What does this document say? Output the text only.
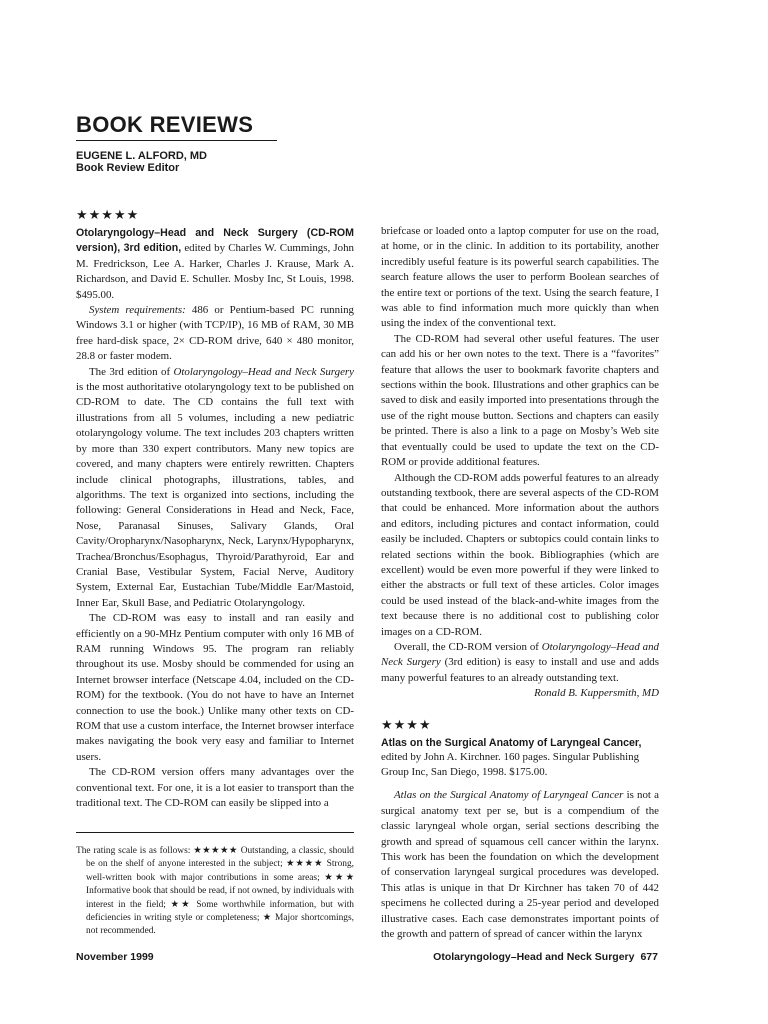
BOOK REVIEWS
EUGENE L. ALFORD, MD
Book Review Editor
★★★★★

Otolaryngology–Head and Neck Surgery (CD-ROM version), 3rd edition, edited by Charles W. Cummings, John M. Fredrickson, Lee A. Harker, Charles J. Krause, Mark A. Richardson, and David E. Schuller. Mosby Inc, St Louis, 1998. $495.00.

System requirements: 486 or Pentium-based PC running Windows 3.1 or higher (with TCP/IP), 16 MB of RAM, 30 MB free hard-disk space, 2× CD-ROM drive, 640 × 480 monitor, 28.8 or faster modem.

The 3rd edition of Otolaryngology–Head and Neck Surgery is the most authoritative otolaryngology text to be published on CD-ROM to date. The CD contains the full text with illustrations from all 5 volumes, including a new pediatric otolaryngology volume. The text includes 203 chapters written by more than 330 expert contributors. Many new topics are covered, and many chapters were entirely rewritten. Chapters include clinical photographs, illustrations, tables, and algorithms. The text is organized into sections, including the following: General Considerations in Head and Neck, Face, Nose, Paranasal Sinuses, Salivary Glands, Oral Cavity/Oropharynx/Nasopharynx, Neck, Larynx/Hypopharynx, Trachea/Bronchus/Esophagus, Thyroid/Parathyroid, Ear and Cranial Base, Vestibular System, Facial Nerve, Auditory System, External Ear, Eustachian Tube/Middle Ear/Mastoid, Inner Ear, Skull Base, and Pediatric Otolaryngology.

The CD-ROM was easy to install and ran easily and efficiently on a 90-MHz Pentium computer with only 16 MB of RAM running Windows 95. The program ran reliably throughout its use. Mosby should be commended for using an Internet browser interface (Netscape 4.04, included on the CD-ROM) for the textbook. (You do not have to have an Internet connection to use the book.) Unlike many other texts on CD-ROM that use a custom interface, the Internet browser interface makes navigating the book very easy and familiar to Internet users.

The CD-ROM version offers many advantages over the conventional text. For one, it is a lot easier to transport than the traditional text. The CD-ROM can easily be slipped into a

The rating scale is as follows: ★★★★★ Outstanding, a classic, should be on the shelf of anyone interested in the subject; ★★★★ Strong, well-written book with major contributions in some areas; ★★★ Informative book that should be read, if not owned, by individuals with interest in the field; ★★ Some worthwhile information, but with deficiencies in writing style or completeness; ★ Major shortcomings, not recommended.

briefcase or loaded onto a laptop computer for use on the road, at home, or in the clinic. In addition to its portability, another incredibly useful feature is its powerful search capabilities. The search feature allows the user to perform Boolean searches of the entire text or portions of the text. Using the search feature, I was able to find information much more quickly than when using the index of the conventional text.

The CD-ROM had several other useful features. The user can add his or her own notes to the text. There is a “favorites” feature that allows the user to bookmark favorite chapters and sections within the book. Illustrations and other graphics can be saved to disk and easily imported into presentations through the use of the right mouse button. Sections and chapters can easily be printed. There is also a link to a page on Mosby’s Web site that eventually could be used to update the text on the CD-ROM or provide additional features.

Although the CD-ROM adds powerful features to an already outstanding textbook, there are several aspects of the CD-ROM that could be enhanced. More information about the authors and editors, including pictures and contact information, could easily be included. Chapters or subtopics could contain links to related sections within the book. Bibliographies (which are excellent) would be even more powerful if they were linked to either the abstracts or full text of these articles. Color images could be used instead of the black-and-white images from the text because there is no additional cost to publishing color images on a CD-ROM.

Overall, the CD-ROM version of Otolaryngology–Head and Neck Surgery (3rd edition) is easy to install and use and adds many powerful features to an already outstanding text.

Ronald B. Kuppersmith, MD
★★★★
Atlas on the Surgical Anatomy of Laryngeal Cancer,

edited by John A. Kirchner. 160 pages. Singular Publishing Group Inc, San Diego, 1998. $175.00.

Atlas on the Surgical Anatomy of Laryngeal Cancer is not a surgical anatomy text per se, but is a compendium of the classic laryngeal whole organ, serial sections describing the growth and spread of squamous cell cancer within the larynx. This work has been the foundation on which the development of conservation laryngeal surgical procedures was developed. This atlas is unique in that Dr Kirchner has taken 70 of 442 specimens he collected during a 25-year period and developed illustrative cases. Each case demonstrates important points of the growth and pattern of spread of cancer within the larynx

November 1999	Otolaryngology–Head and Neck Surgery 677
